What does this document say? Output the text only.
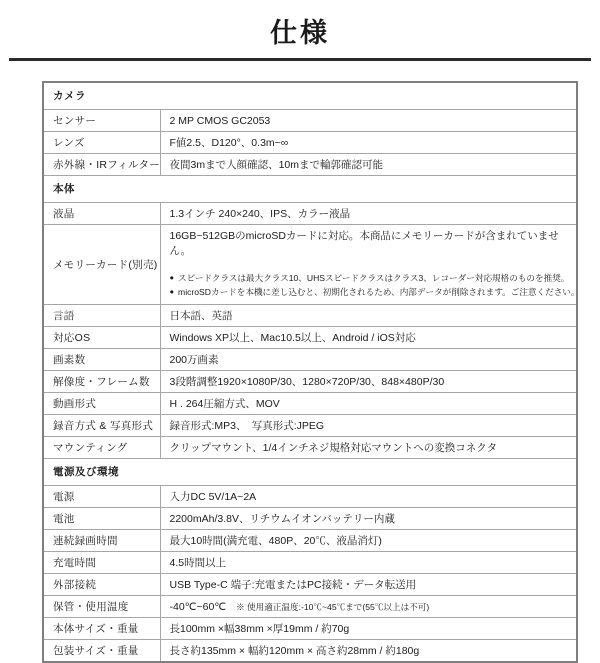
仕様
カメラ	
センサー	2 MP CMOS GC2053
レンズ	F値2.5、D120°、0.3m~∞
赤外線・IRフィルター	夜間3mまで人顔確認、10mまで輪郭確認可能
本体	
液晶	1.3インチ 240×240、IPS、カラー液晶
メモリーカード(別売)	16GB~512GBのmicroSDカードに対応。本商品にメモリーカードが含まれていません。
● スピードクラスは最大クラス10、UHSスピードクラスはクラス3、レコーダー対応規格のものを推奨。
● microSDカードを本機に差し込むと、初期化されるため、内部データが削除されます。ご注意ください。

言語	日本語、英語
対応OS	Windows XP以上、Mac10.5以上、Android / iOS対応
画素数	200万画素
解像度・フレーム数	3段階調整1920×1080P/30、1280×720P/30、848×480P/30
動画形式	H . 264圧縮方式、MOV
録音方式 & 写真形式	録音形式:MP3、　写真形式:JPEG
マウンティング	クリップマウント、1/4インチネジ規格対応マウントへの変換コネクタ
電源及び環境	
電源	入力DC 5V/1A~2A
電池	2200mAh/3.8V、リチウムイオンバッテリー内蔵
連続録画時間	最大10時間(満充電、480P、20℃、液晶消灯)
充電時間	4.5時間以上
外部接続	USB Type-C 端子:充電またはPC接続・データ転送用
保管・使用温度	-40℃~60℃ ※ 使用適正温度:-10℃~45℃まで(55℃以上は不可)
本体サイズ・重量	長100mm ×幅38mm ×厚19mm / 約70g
包装サイズ・重量	長さ約135mm × 幅約120mm × 高さ約28mm / 約180g
